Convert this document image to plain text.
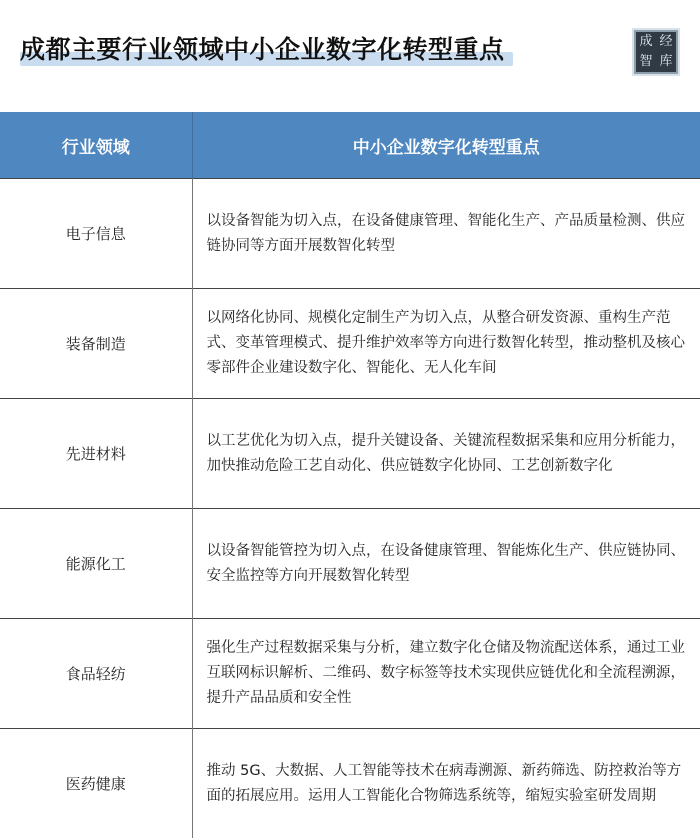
成都主要行业领域中小企业数字化转型重点	成 经
智 库
行业领域	中小企业数字化转型重点
电子信息	以设备智能为切入点，在设备健康管理、智能化生产、产品质量检测、供应链协同等方面开展数智化转型
装备制造	以网络化协同、规模化定制生产为切入点，从整合研发资源、重构生产范式、变革管理模式、提升维护效率等方向进行数智化转型，推动整机及核心零部件企业建设数字化、智能化、无人化车间
先进材料	以工艺优化为切入点，提升关键设备、关键流程数据采集和应用分析能力，加快推动危险工艺自动化、供应链数字化协同、工艺创新数字化
能源化工	以设备智能管控为切入点，在设备健康管理、智能炼化生产、供应链协同、安全监控等方向开展数智化转型
食品轻纺	强化生产过程数据采集与分析，建立数字化仓储及物流配送体系，通过工业互联网标识解析、二维码、数字标签等技术实现供应链优化和全流程溯源，提升产品品质和安全性
医药健康	推动 5G、大数据、人工智能等技术在病毒溯源、新药筛选、防控救治等方面的拓展应用。运用人工智能化合物筛选系统等，缩短实验室研发周期
